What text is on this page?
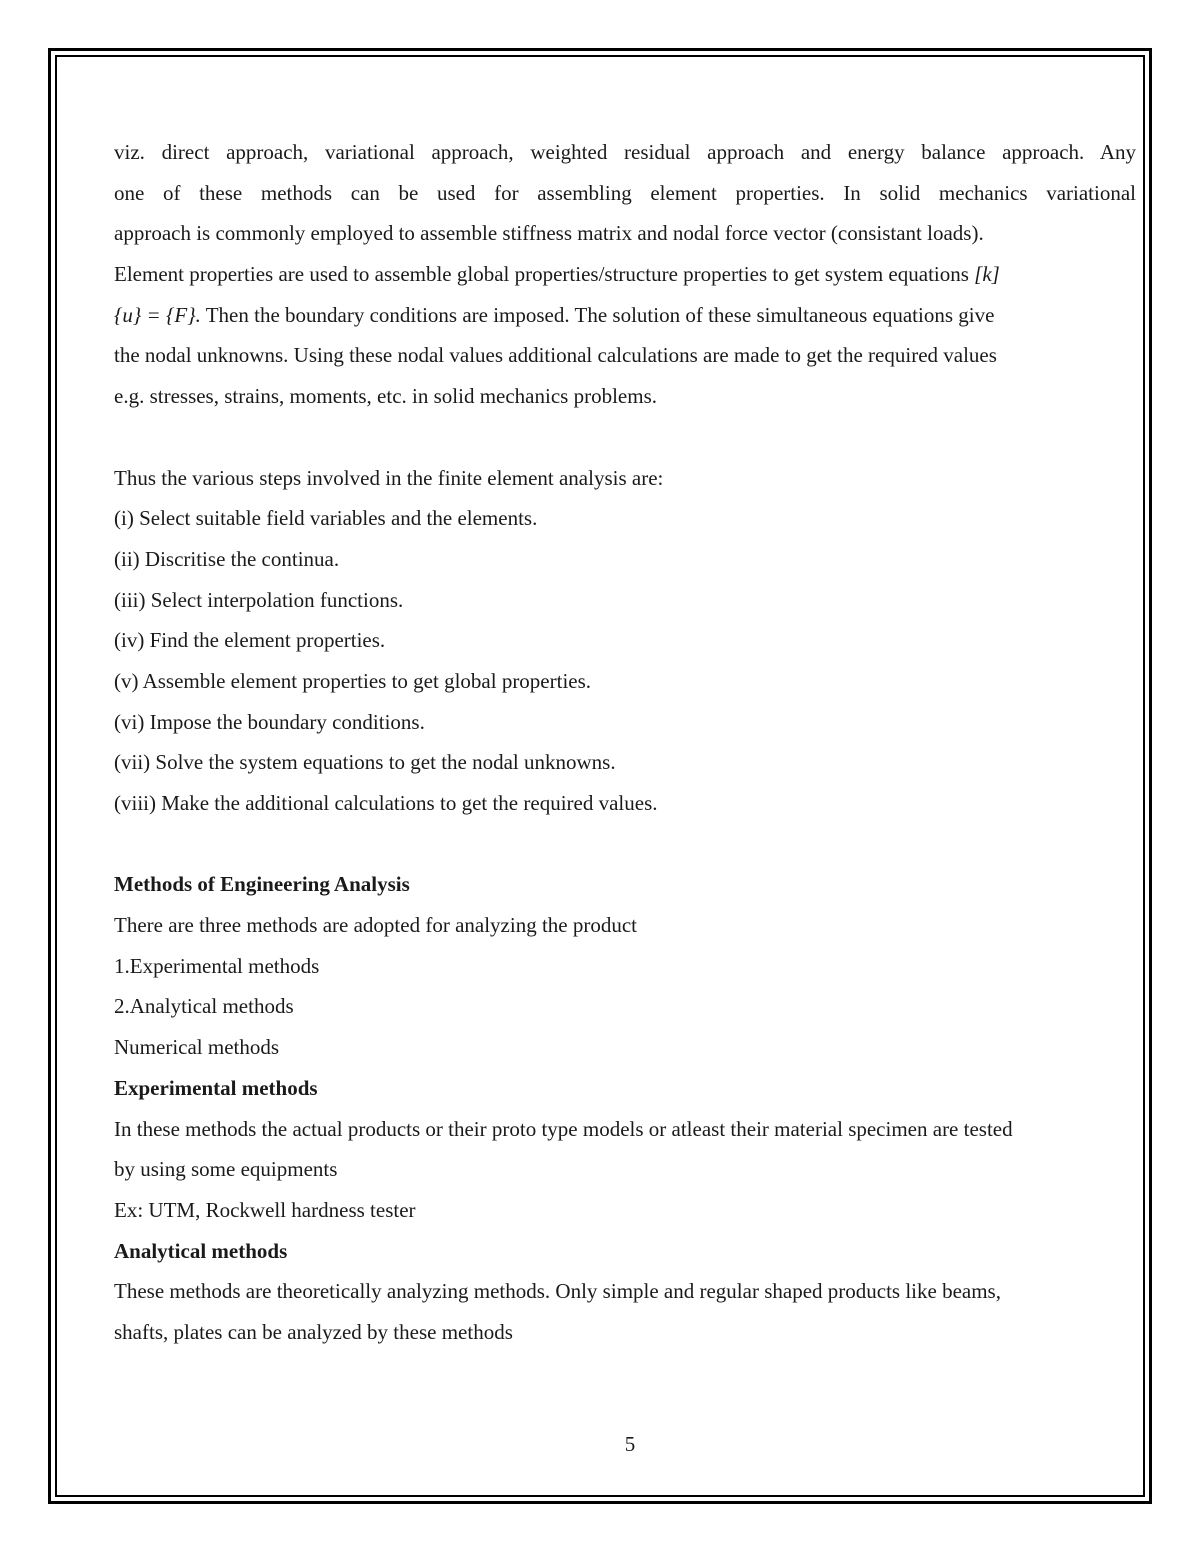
viz. direct approach, variational approach, weighted residual approach and energy balance approach. Any
one of these methods can be used for assembling element properties. In solid mechanics variational
approach is commonly employed to assemble stiffness matrix and nodal force vector (consistant loads).
Element properties are used to assemble global properties/structure properties to get system equations [k]
{u} = {F}. Then the boundary conditions are imposed. The solution of these simultaneous equations give
the nodal unknowns. Using these nodal values additional calculations are made to get the required values
e.g. stresses, strains, moments, etc. in solid mechanics problems.
Thus the various steps involved in the finite element analysis are:
(i) Select suitable field variables and the elements.
(ii) Discritise the continua.
(iii) Select interpolation functions.
(iv) Find the element properties.
(v) Assemble element properties to get global properties.
(vi) Impose the boundary conditions.
(vii) Solve the system equations to get the nodal unknowns.
(viii) Make the additional calculations to get the required values.
Methods of Engineering Analysis
There are three methods are adopted for analyzing the product
1.Experimental methods
2.Analytical methods
Numerical methods
Experimental methods
In these methods the actual products or their proto type models or atleast their material specimen are tested
by using some equipments
Ex: UTM, Rockwell hardness tester
Analytical methods
These methods are theoretically analyzing methods. Only simple and regular shaped products like beams,
shafts, plates can be analyzed by these methods
5
